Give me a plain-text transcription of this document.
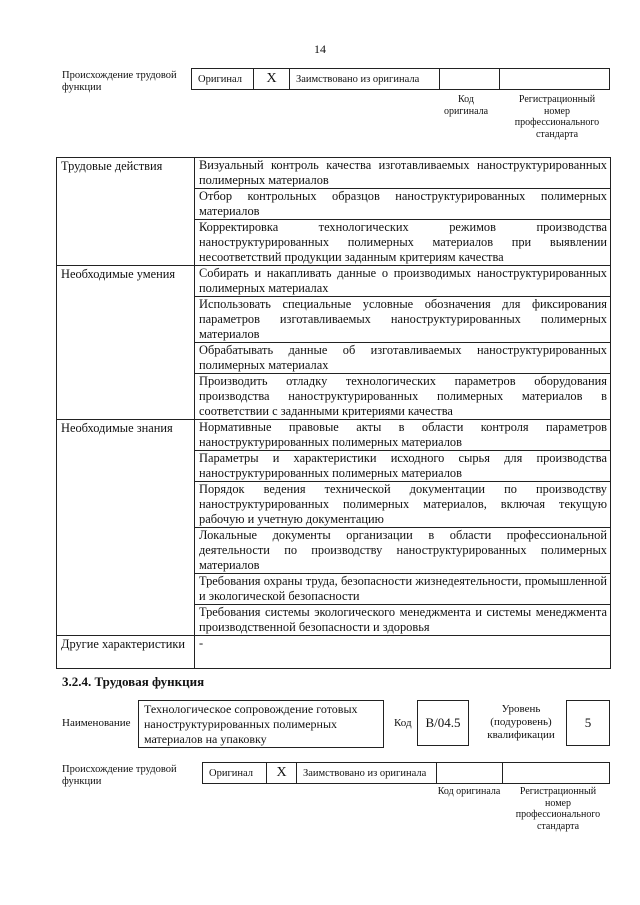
14
Происхождение трудовой функции
Оригинал	X	Заимствовано из оригинала
Код оригинала
Регистрационный номер профессионального стандарта
Трудовые действия	Визуальный контроль качества изготавливаемых наноструктурированных полимерных материалов
	Отбор контрольных образцов наноструктурированных полимерных материалов
	Корректировка технологических режимов производства наноструктурированных полимерных материалов при выявлении несоответствий продукции заданным критериям качества
Необходимые умения	Собирать и накапливать данные о производимых наноструктурированных полимерных материалах
	Использовать специальные условные обозначения для фиксирования параметров изготавливаемых наноструктурированных полимерных материалов
	Обрабатывать данные об изготавливаемых наноструктурированных полимерных материалах
	Производить отладку технологических параметров оборудования производства наноструктурированных полимерных материалов в соответствии с заданными критериями качества
Необходимые знания	Нормативные правовые акты в области контроля параметров наноструктурированных полимерных материалов
	Параметры и характеристики исходного сырья для производства наноструктурированных полимерных материалов
	Порядок ведения технической документации по производству наноструктурированных полимерных материалов, включая текущую рабочую и учетную документацию
	Локальные документы организации в области профессиональной деятельности по производству наноструктурированных полимерных материалов
	Требования охраны труда, безопасности жизнедеятельности, промышленной и экологической безопасности
	Требования системы экологического менеджмента и системы менеджмента производственной безопасности и здоровья
Другие характеристики	-
3.2.4. Трудовая функция
Наименование
Технологическое сопровождение готовых наноструктурированных полимерных материалов на упаковку
Код	B/04.5
Уровень (подуровень) квалификации
5
Происхождение трудовой функции
Оригинал	X	Заимствовано из оригинала
Код оригинала	Регистрационный номер профессионального стандарта
